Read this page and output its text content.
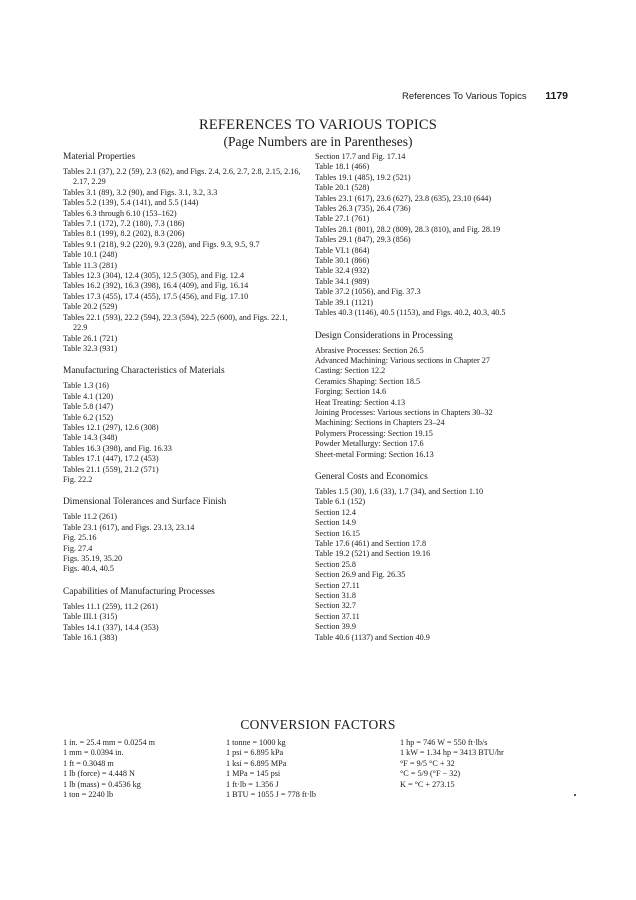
References To Various Topics 1179
REFERENCES TO VARIOUS TOPICS
(Page Numbers are in Parentheses)
Material Properties
Tables 2.1 (37), 2.2 (59), 2.3 (62), and Figs. 2.4, 2.6, 2.7, 2.8, 2.15, 2.16, 2.17, 2.29
Tables 3.1 (89), 3.2 (90), and Figs. 3.1, 3.2, 3.3
Tables 5.2 (139), 5.4 (141), and 5.5 (144)
Tables 6.3 through 6.10 (153–162)
Tables 7.1 (172), 7.2 (180), 7.3 (186)
Tables 8.1 (199), 8.2 (202), 8.3 (206)
Tables 9.1 (218), 9.2 (220), 9.3 (228), and Figs. 9.3, 9.5, 9.7
Table 10.1 (248)
Table 11.3 (281)
Tables 12.3 (304), 12.4 (305), 12.5 (305), and Fig. 12.4
Tables 16.2 (392), 16.3 (398), 16.4 (409), and Fig. 16.14
Tables 17.3 (455), 17.4 (455), 17.5 (456), and Fig. 17.10
Table 20.2 (529)
Tables 22.1 (593), 22.2 (594), 22.3 (594), 22.5 (600), and Figs. 22.1, 22.9
Table 26.1 (721)
Table 32.3 (931)
Manufacturing Characteristics of Materials
Table 1.3 (16)
Table 4.1 (120)
Table 5.8 (147)
Table 6.2 (152)
Tables 12.1 (297), 12.6 (308)
Table 14.3 (348)
Tables 16.3 (398), and Fig. 16.33
Tables 17.1 (447), 17.2 (453)
Tables 21.1 (559), 21.2 (571)
Fig. 22.2
Dimensional Tolerances and Surface Finish
Table 11.2 (261)
Table 23.1 (617), and Figs. 23.13, 23.14
Fig. 25.16
Fig. 27.4
Figs. 35.19, 35.20
Figs. 40.4, 40.5
Capabilities of Manufacturing Processes
Tables 11.1 (259), 11.2 (261)
Table III.1 (315)
Tables 14.1 (337), 14.4 (353)
Table 16.1 (383)
Section 17.7 and Fig. 17.14
Table 18.1 (466)
Tables 19.1 (485), 19.2 (521)
Table 20.1 (528)
Tables 23.1 (617), 23.6 (627), 23.8 (635), 23.10 (644)
Tables 26.3 (735), 26.4 (736)
Table 27.1 (761)
Tables 28.1 (801), 28.2 (809), 28.3 (810), and Fig. 28.19
Tables 29.1 (847), 29.3 (856)
Table VI.1 (864)
Table 30.1 (866)
Table 32.4 (932)
Table 34.1 (989)
Table 37.2 (1056), and Fig. 37.3
Table 39.1 (1121)
Tables 40.3 (1146), 40.5 (1153), and Figs. 40.2, 40.3, 40.5
Design Considerations in Processing
Abrasive Processes: Section 26.5
Advanced Machining: Various sections in Chapter 27
Casting: Section 12.2
Ceramics Shaping: Section 18.5
Forging: Section 14.6
Heat Treating: Section 4.13
Joining Processes: Various sections in Chapters 30–32
Machining: Sections in Chapters 23–24
Polymers Processing: Section 19.15
Powder Metallurgy: Section 17.6
Sheet-metal Forming: Section 16.13
General Costs and Economics
Tables 1.5 (30), 1.6 (33), 1.7 (34), and Section 1.10
Table 6.1 (152)
Section 12.4
Section 14.9
Section 16.15
Table 17.6 (461) and Section 17.8
Table 19.2 (521) and Section 19.16
Section 25.8
Section 26.9 and Fig. 26.35
Section 27.11
Section 31.8
Section 32.7
Section 37.11
Section 39.9
Table 40.6 (1137) and Section 40.9
CONVERSION FACTORS
1 in. = 25.4 mm = 0.0254 m
1 mm = 0.0394 in.
1 ft = 0.3048 m
1 lb (force) = 4.448 N
1 lb (mass) = 0.4536 kg
1 ton = 2240 lb
1 tonne = 1000 kg
1 psi = 6.895 kPa
1 ksi = 6.895 MPa
1 MPa = 145 psi
1 ft·lb = 1.356 J
1 BTU = 1055 J = 778 ft·lb
1 hp = 746 W = 550 ft·lb/s
1 kW = 1.34 hp = 3413 BTU/hr
°F = 9/5 °C + 32
°C = 5/9 (°F − 32)
K = °C + 273.15
